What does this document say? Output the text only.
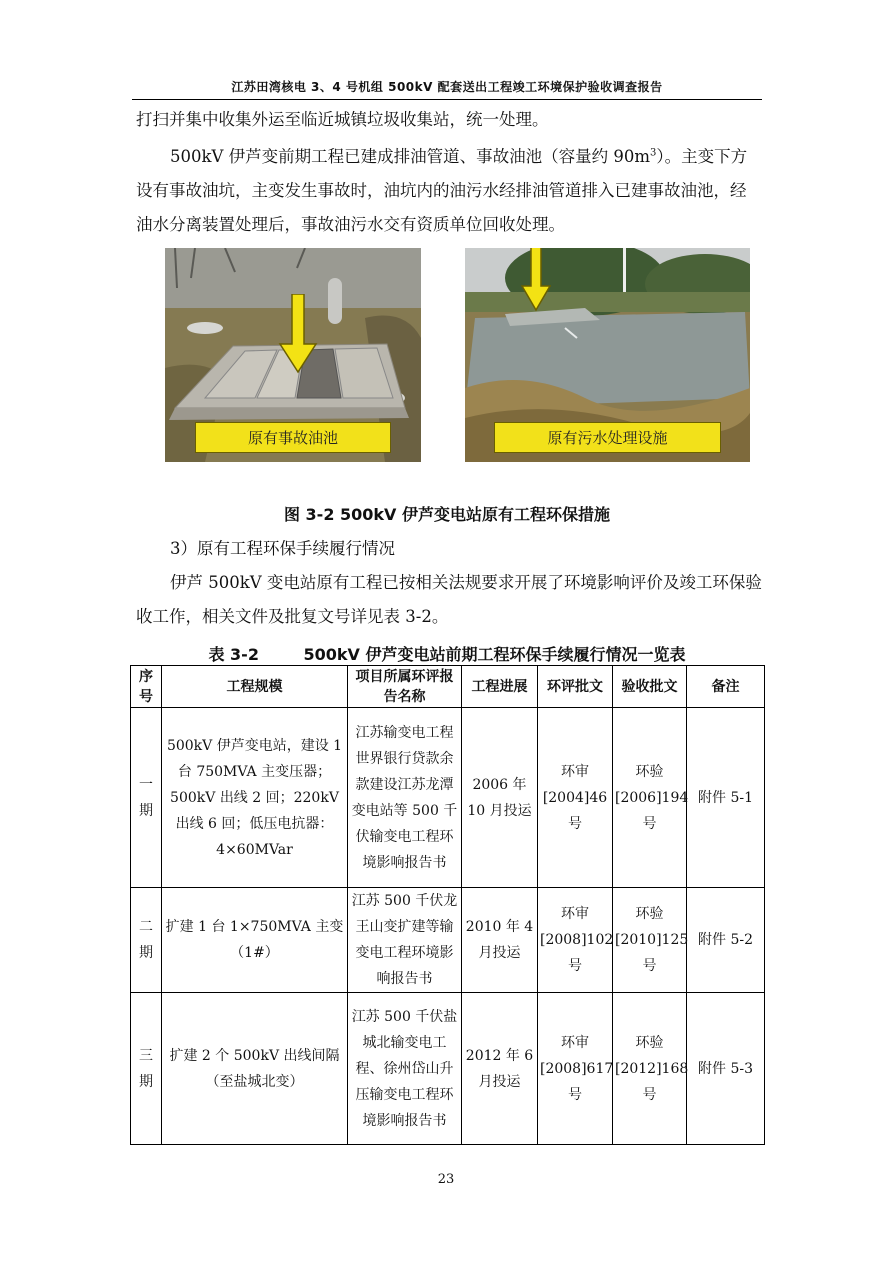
江苏田湾核电 3、4 号机组 500kV 配套送出工程竣工环境保护验收调查报告

打扫并集中收集外运至临近城镇垃圾收集站，统一处理。

500kV 伊芦变前期工程已建成排油管道、事故油池（容量约 $90m^3$）。主变下方设有事故油坑，主变发生事故时，油坑内的油污水经排油管道排入已建事故油池，经油水分离装置处理后，事故油污水交有资质单位回收处理。

原有事故油池	原有污水处理设施
图 3-2 500kV 伊芦变电站原有工程环保措施

3）原有工程环保手续履行情况

伊芦 500kV 变电站原有工程已按相关法规要求开展了环境影响评价及竣工环保验收工作，相关文件及批复文号详见表 3-2。

表 3-2        500kV 伊芦变电站前期工程环保手续履行情况一览表
序号	工程规模	项目所属环评报告名称	工程进展	环评批文	验收批文	备注

一期	500kV 伊芦变电站，建设 1 台 750MVA 主变压器；500kV 出线 2 回；220kV 出线 6 回；低压电抗器：4×60MVar	江苏输变电工程世界银行贷款余款建设江苏龙潭变电站等 500 千伏输变电工程环境影响报告书	2006 年 10 月投运	环审[2004]46 号	环验[2006]194 号	附件 5-1

二期	扩建 1 台 1×750MVA 主变（1#）	江苏 500 千伏龙王山变扩建等输变电工程环境影响报告书	2010 年 4 月投运	环审[2008]102 号	环验[2010]125 号	附件 5-2

三期	扩建 2 个 500kV 出线间隔（至盐城北变）	江苏 500 千伏盐城北输变电工程、徐州岱山升压输变电工程环境影响报告书	2012 年 6 月投运	环审[2008]617 号	环验[2012]168 号	附件 5-3
23
